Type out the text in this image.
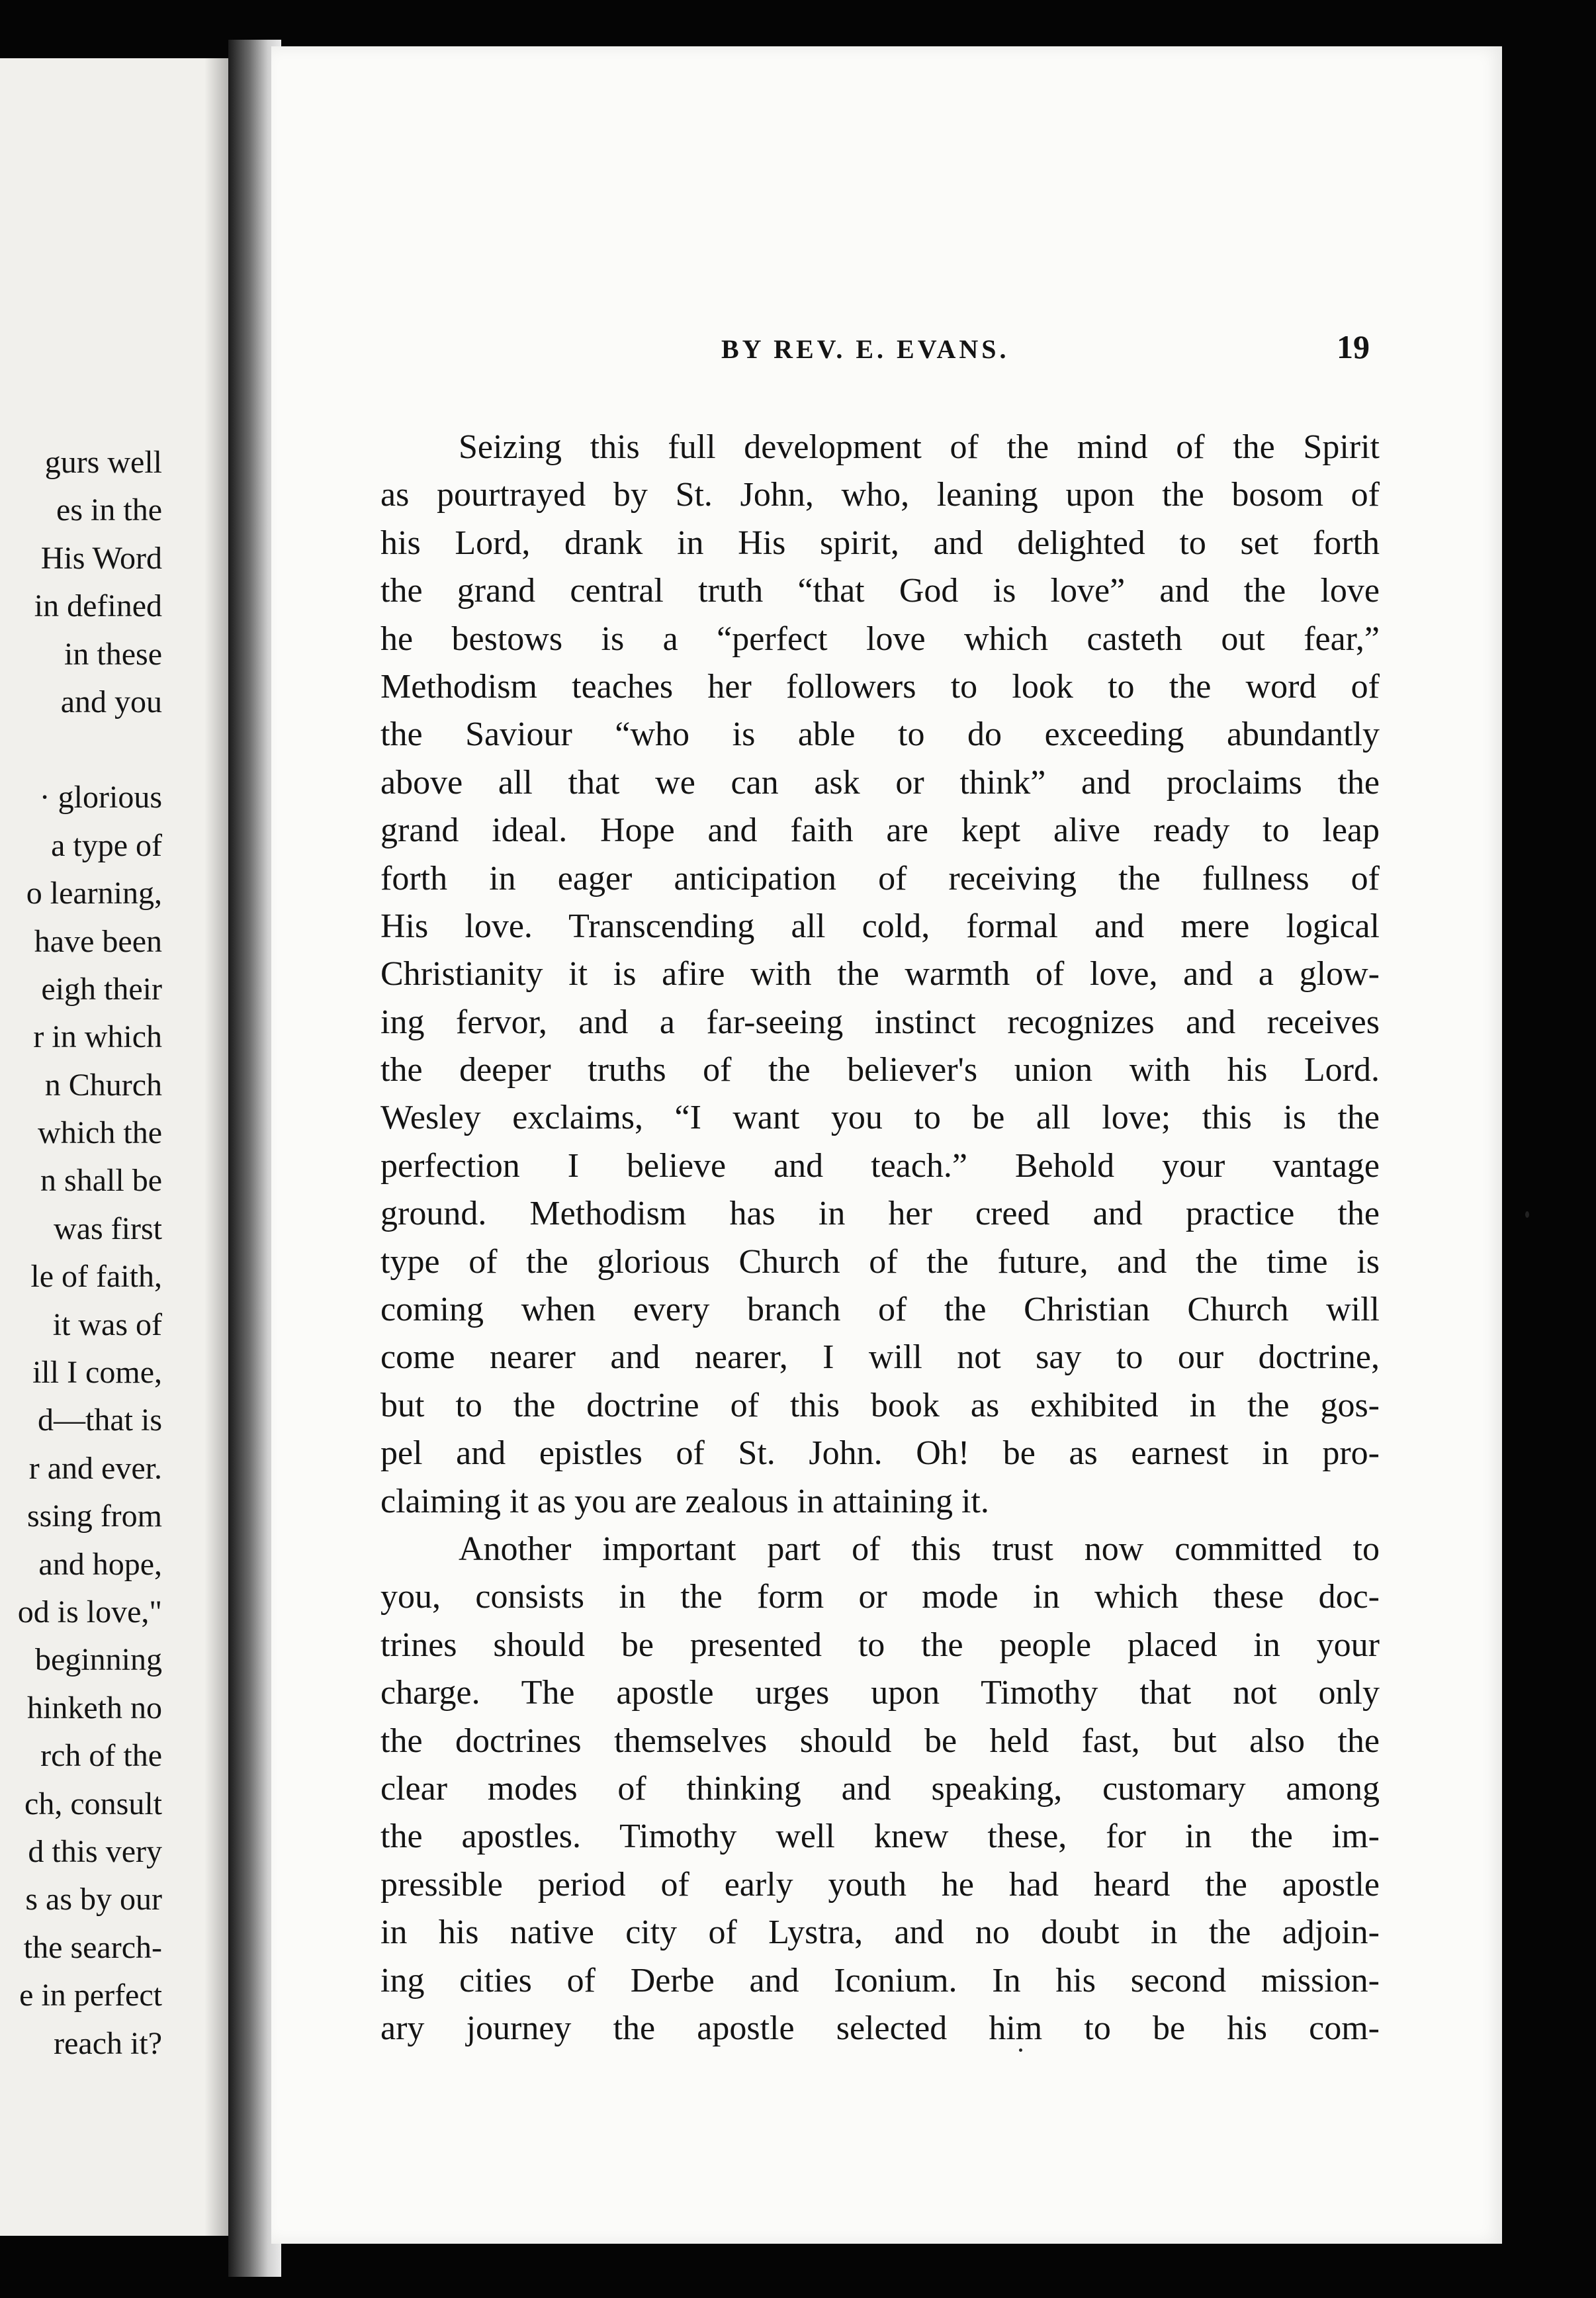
gurs well
es in the
His Word
in defined
in these
and you
· glorious
a type of
o learning,
have been
eigh their
r in which
n Church
which the
n shall be
was first
le of faith,
it was of
ill I come,
d—that is
r and ever.
ssing from
and hope,
od is love,"
beginning
hinketh no
rch of the
ch, consult
d this very
s as by our
the search-
e in perfect
reach it?
BY REV. E. EVANS.	19
Seizing this full development of the mind of the Spirit
as pourtrayed by St. John, who, leaning upon the bosom of
his Lord, drank in His spirit, and delighted to set forth
the grand central truth “that God is love” and the love
he bestows is a “perfect love which casteth out fear,”
Methodism teaches her followers to look to the word of
the Saviour “who is able to do exceeding abundantly
above all that we can ask or think” and proclaims the
grand ideal. Hope and faith are kept alive ready to leap
forth in eager anticipation of receiving the fullness of
His love. Transcending all cold, formal and mere logical
Christianity it is afire with the warmth of love, and a glow-
ing fervor, and a far-seeing instinct recognizes and receives
the deeper truths of the believer's union with his Lord.
Wesley exclaims, “I want you to be all love; this is the
perfection I believe and teach.” Behold your vantage
ground. Methodism has in her creed and practice the
type of the glorious Church of the future, and the time is
coming when every branch of the Christian Church will
come nearer and nearer, I will not say to our doctrine,
but to the doctrine of this book as exhibited in the gos-
pel and epistles of St. John. Oh! be as earnest in pro-
claiming it as you are zealous in attaining it.
Another important part of this trust now committed to
you, consists in the form or mode in which these doc-
trines should be presented to the people placed in your
charge. The apostle urges upon Timothy that not only
the doctrines themselves should be held fast, but also the
clear modes of thinking and speaking, customary among
the apostles. Timothy well knew these, for in the im-
pressible period of early youth he had heard the apostle
in his native city of Lystra, and no doubt in the adjoin-
ing cities of Derbe and Iconium. In his second mission-
ary journey the apostle selected him to be his com-
